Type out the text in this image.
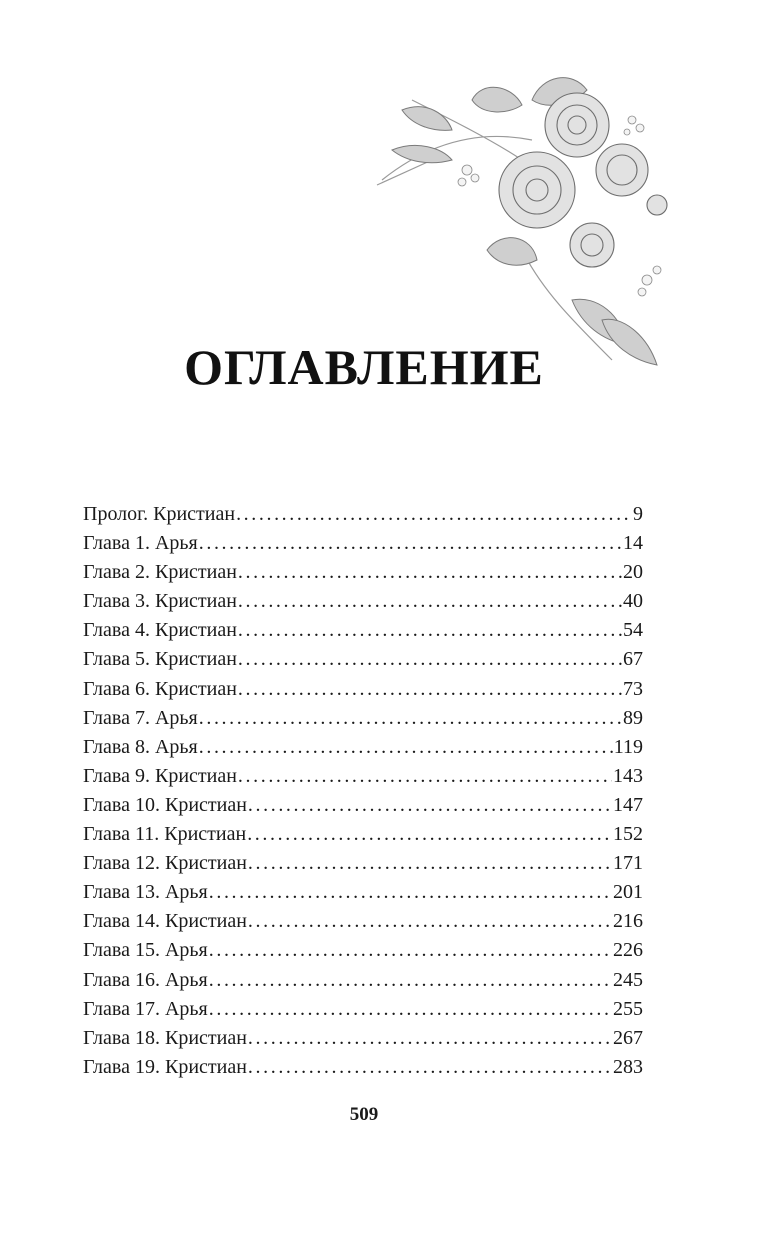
ОГЛАВЛЕНИЕ
Пролог. Кристиан . . .	9
Глава 1. Арья . . .	14
Глава 2. Кристиан . . .	20
Глава 3. Кристиан . . .	40
Глава 4. Кристиан . . .	54
Глава 5. Кристиан . . .	67
Глава 6. Кристиан . . .	73
Глава 7. Арья . . .	89
Глава 8. Арья . . .	119
Глава 9. Кристиан . . .	143
Глава 10. Кристиан . . .	147
Глава 11. Кристиан . . .	152
Глава 12. Кристиан . . .	171
Глава 13. Арья . . .	201
Глава 14. Кристиан . . .	216
Глава 15. Арья . . .	226
Глава 16. Арья . . .	245
Глава 17. Арья . . .	255
Глава 18. Кристиан . . .	267
Глава 19. Кристиан . . .	283
509
